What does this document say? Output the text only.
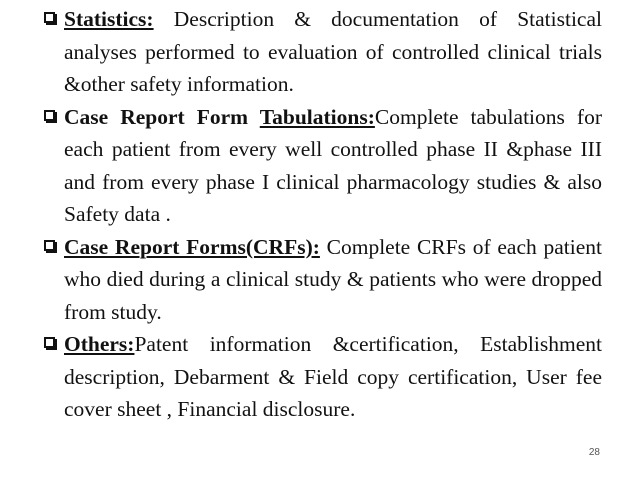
Statistics: Description & documentation of Statistical analyses performed to evaluation of controlled clinical trials &other safety information.
Case Report Form Tabulations:Complete tabulations for each patient from every well controlled phase II &phase III and from every phase I clinical pharmacology studies & also Safety data .
Case Report Forms(CRFs): Complete CRFs of each patient who died during a clinical study & patients who were dropped from study.
Others:Patent information &certification, Establishment description, Debarment & Field copy certification, User fee cover sheet , Financial disclosure.
28
